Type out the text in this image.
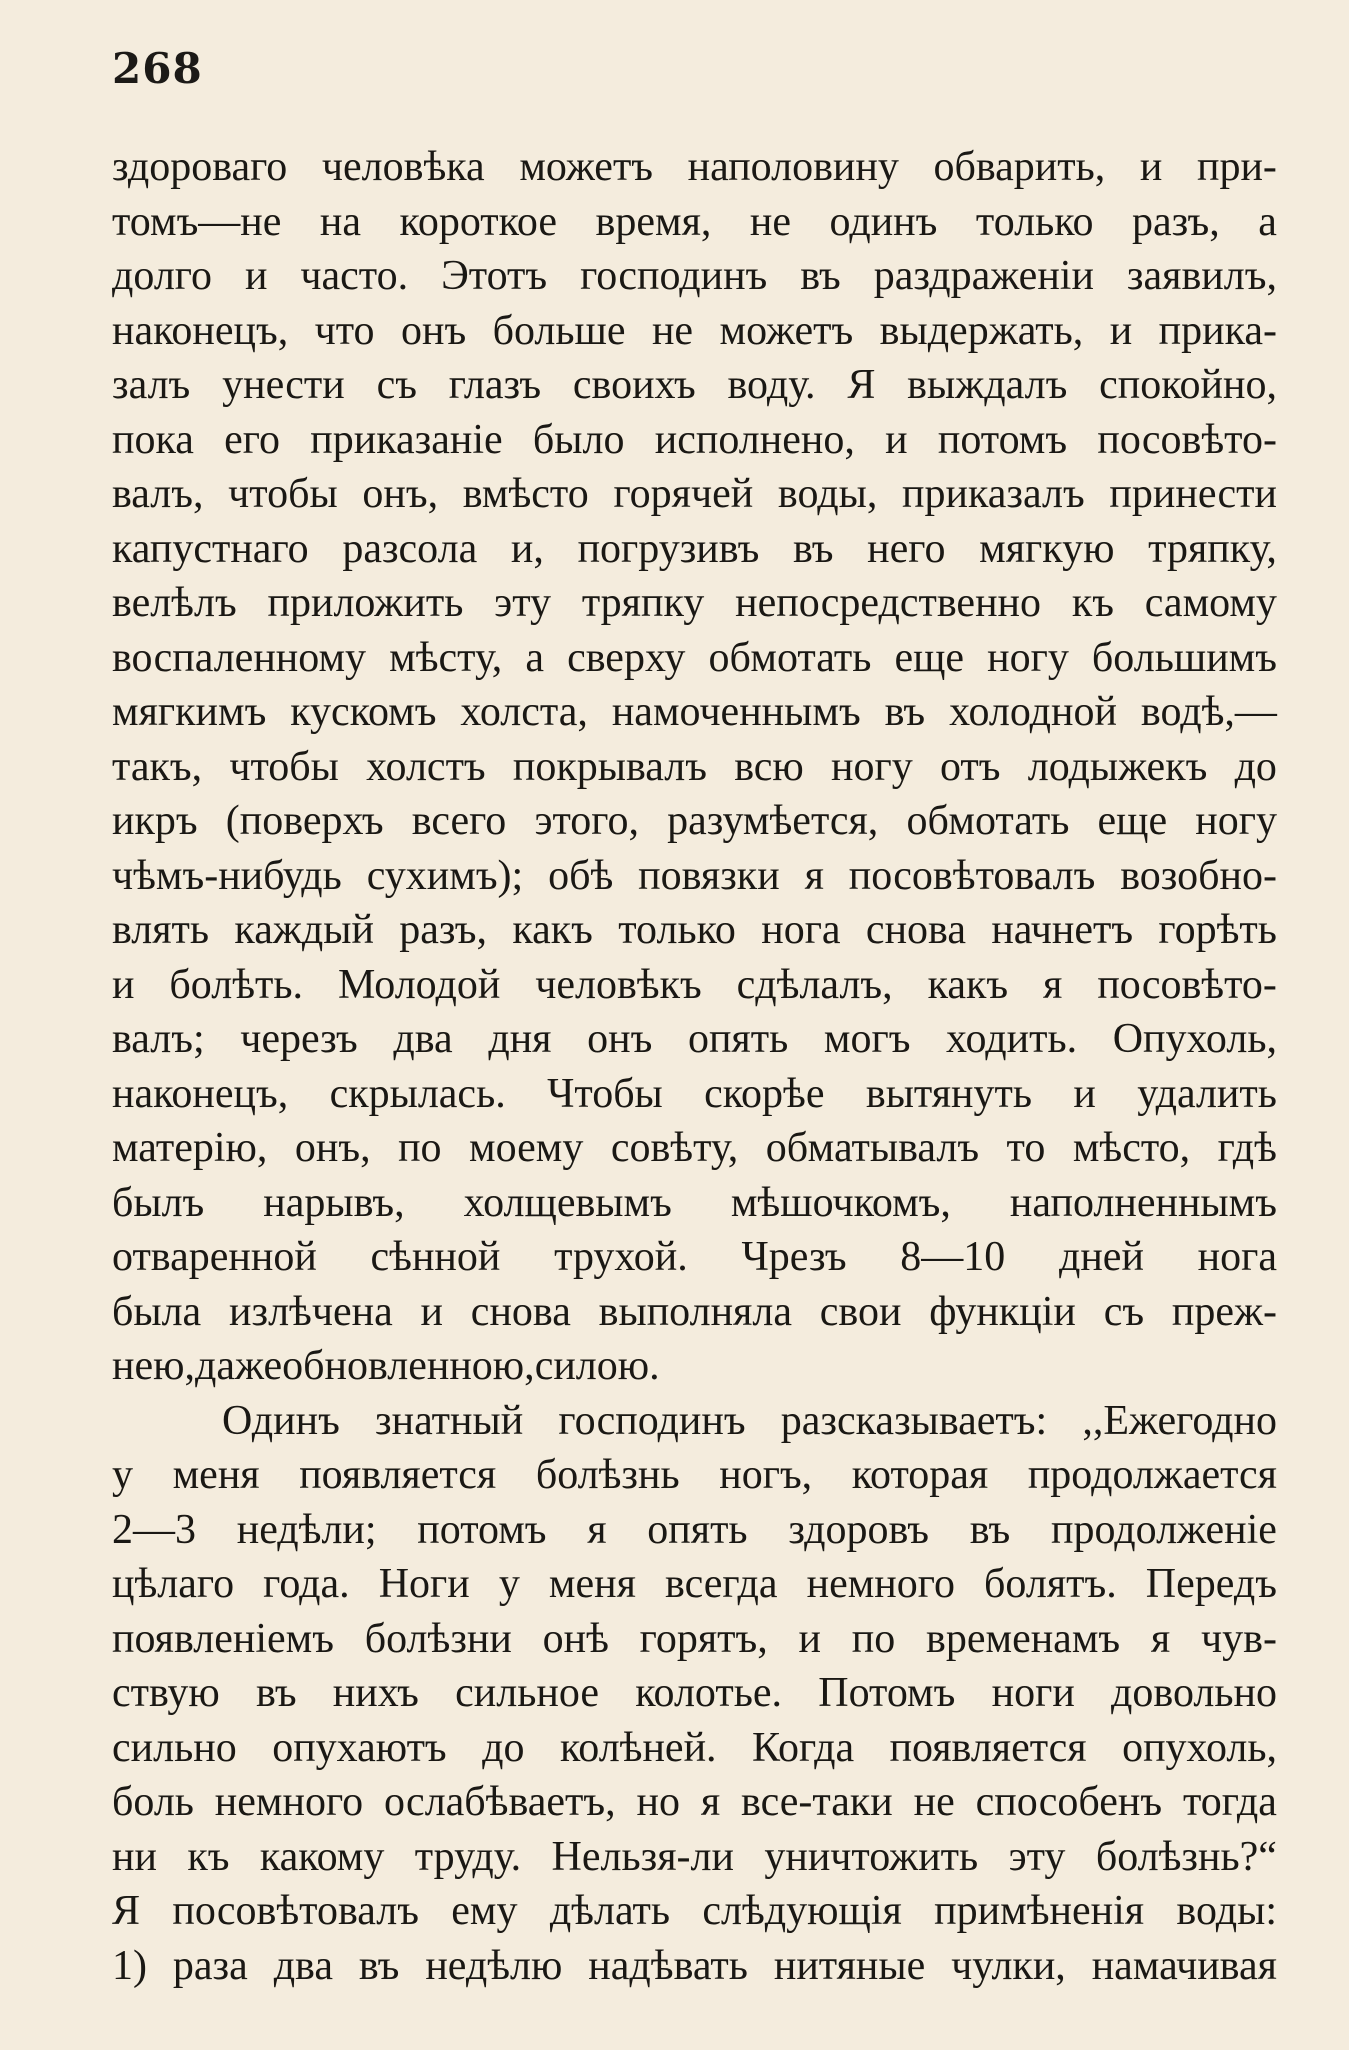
268
здороваго человѣка можетъ наполовину обварить, и при-
томъ—не на короткое время, не одинъ только разъ, а
долго и часто. Этотъ господинъ въ раздраженіи заявилъ,
наконецъ, что онъ больше не можетъ выдержать, и прика-
залъ унести съ глазъ своихъ воду. Я выждалъ спокойно,
пока его приказаніе было исполнено, и потомъ посовѣто-
валъ, чтобы онъ, вмѣсто горячей воды, приказалъ принести
капустнаго разсола и, погрузивъ въ него мягкую тряпку,
велѣлъ приложить эту тряпку непосредственно къ самому
воспаленному мѣсту, а сверху обмотать еще ногу большимъ
мягкимъ кускомъ холста, намоченнымъ въ холодной водѣ,—
такъ, чтобы холстъ покрывалъ всю ногу отъ лодыжекъ до
икръ (поверхъ всего этого, разумѣется, обмотать еще ногу
чѣмъ-нибудь сухимъ); обѣ повязки я посовѣтовалъ возобно-
влять каждый разъ, какъ только нога снова начнетъ горѣть
и болѣть. Молодой человѣкъ сдѣлалъ, какъ я посовѣто-
валъ; черезъ два дня онъ опять могъ ходить. Опухоль,
наконецъ, скрылась. Чтобы скорѣе вытянуть и удалить
матерію, онъ, по моему совѣту, обматывалъ то мѣсто, гдѣ
былъ нарывъ, холщевымъ мѣшочкомъ, наполненнымъ
отваренной сѣнной трухой. Чрезъ 8—10 дней нога
была излѣчена и снова выполняла свои функціи съ преж-
нею, даже обновленною, силою.
Одинъ знатный господинъ разсказываетъ: ,,Ежегодно
у меня появляется болѣзнь ногъ, которая продолжается
2—3 недѣли; потомъ я опять здоровъ въ продолженіе
цѣлаго года. Ноги у меня всегда немного болятъ. Передъ
появленіемъ болѣзни онѣ горятъ, и по временамъ я чув-
ствую въ нихъ сильное колотье. Потомъ ноги довольно
сильно опухаютъ до колѣней. Когда появляется опухоль,
боль немного ослабѣваетъ, но я все-таки не способенъ тогда
ни къ какому труду. Нельзя-ли уничтожить эту болѣзнь?“
Я посовѣтовалъ ему дѣлать слѣдующія примѣненія воды:
1) раза два въ недѣлю надѣвать нитяные чулки, намачивая
